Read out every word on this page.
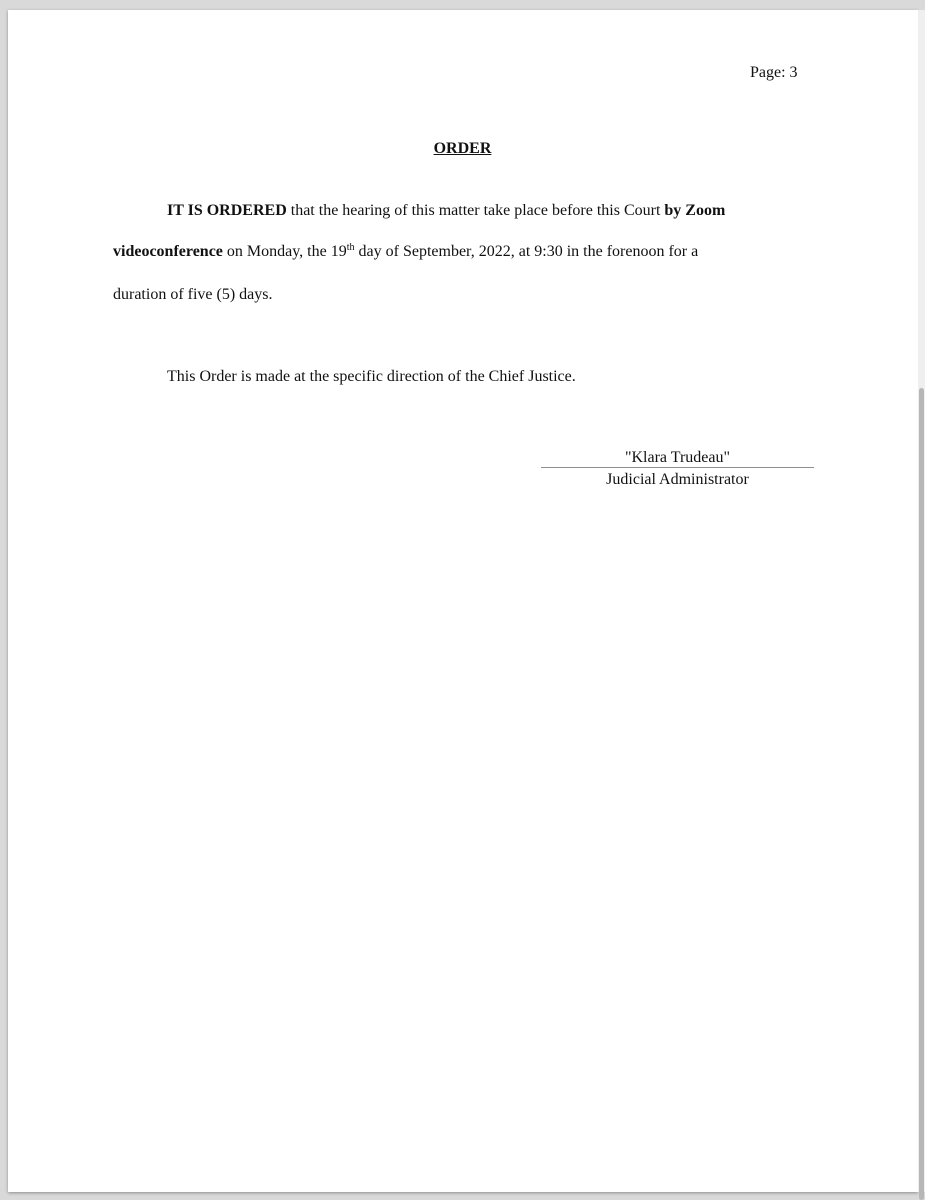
Page: 3
ORDER
IT IS ORDERED that the hearing of this matter take place before this Court by Zoom
videoconference on Monday, the 19th day of September, 2022, at 9:30 in the forenoon for a
duration of five (5) days.
This Order is made at the specific direction of the Chief Justice.
"Klara Trudeau"
Judicial Administrator
